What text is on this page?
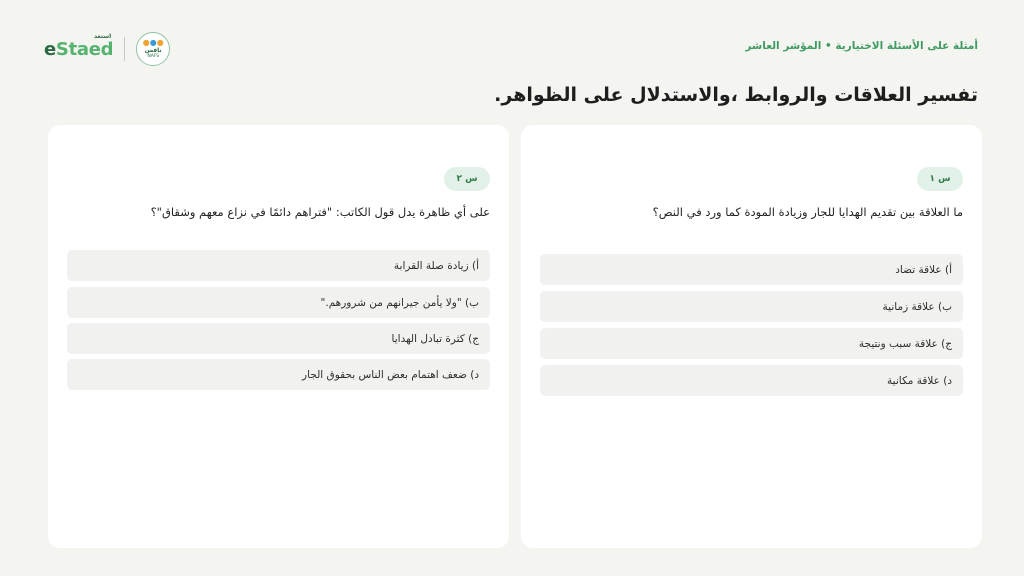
أمثلة على الأسئلة الاختيارية • المؤشر العاشر
تفسير العلاقات والروابط ،والاستدلال على الظواهر.
استعد
eStaed	●●●
نافس
NAFS
س ١
ما العلاقة بين تقديم الهدايا للجار وزيادة المودة كما ورد في النص؟
أ) علاقة تضاد
ب) علاقة زمانية
ج) علاقة سبب ونتيجة
د) علاقة مكانية
س ٢
على أي ظاهرة يدل قول الكاتب: "فتراهم دائمًا في نزاع معهم وشقاق"؟
أ) زيادة صلة القرابة
ب) "ولا يأمن جيرانهم من شرورهم."
ج) كثرة تبادل الهدايا
د) ضعف اهتمام بعض الناس بحقوق الجار
